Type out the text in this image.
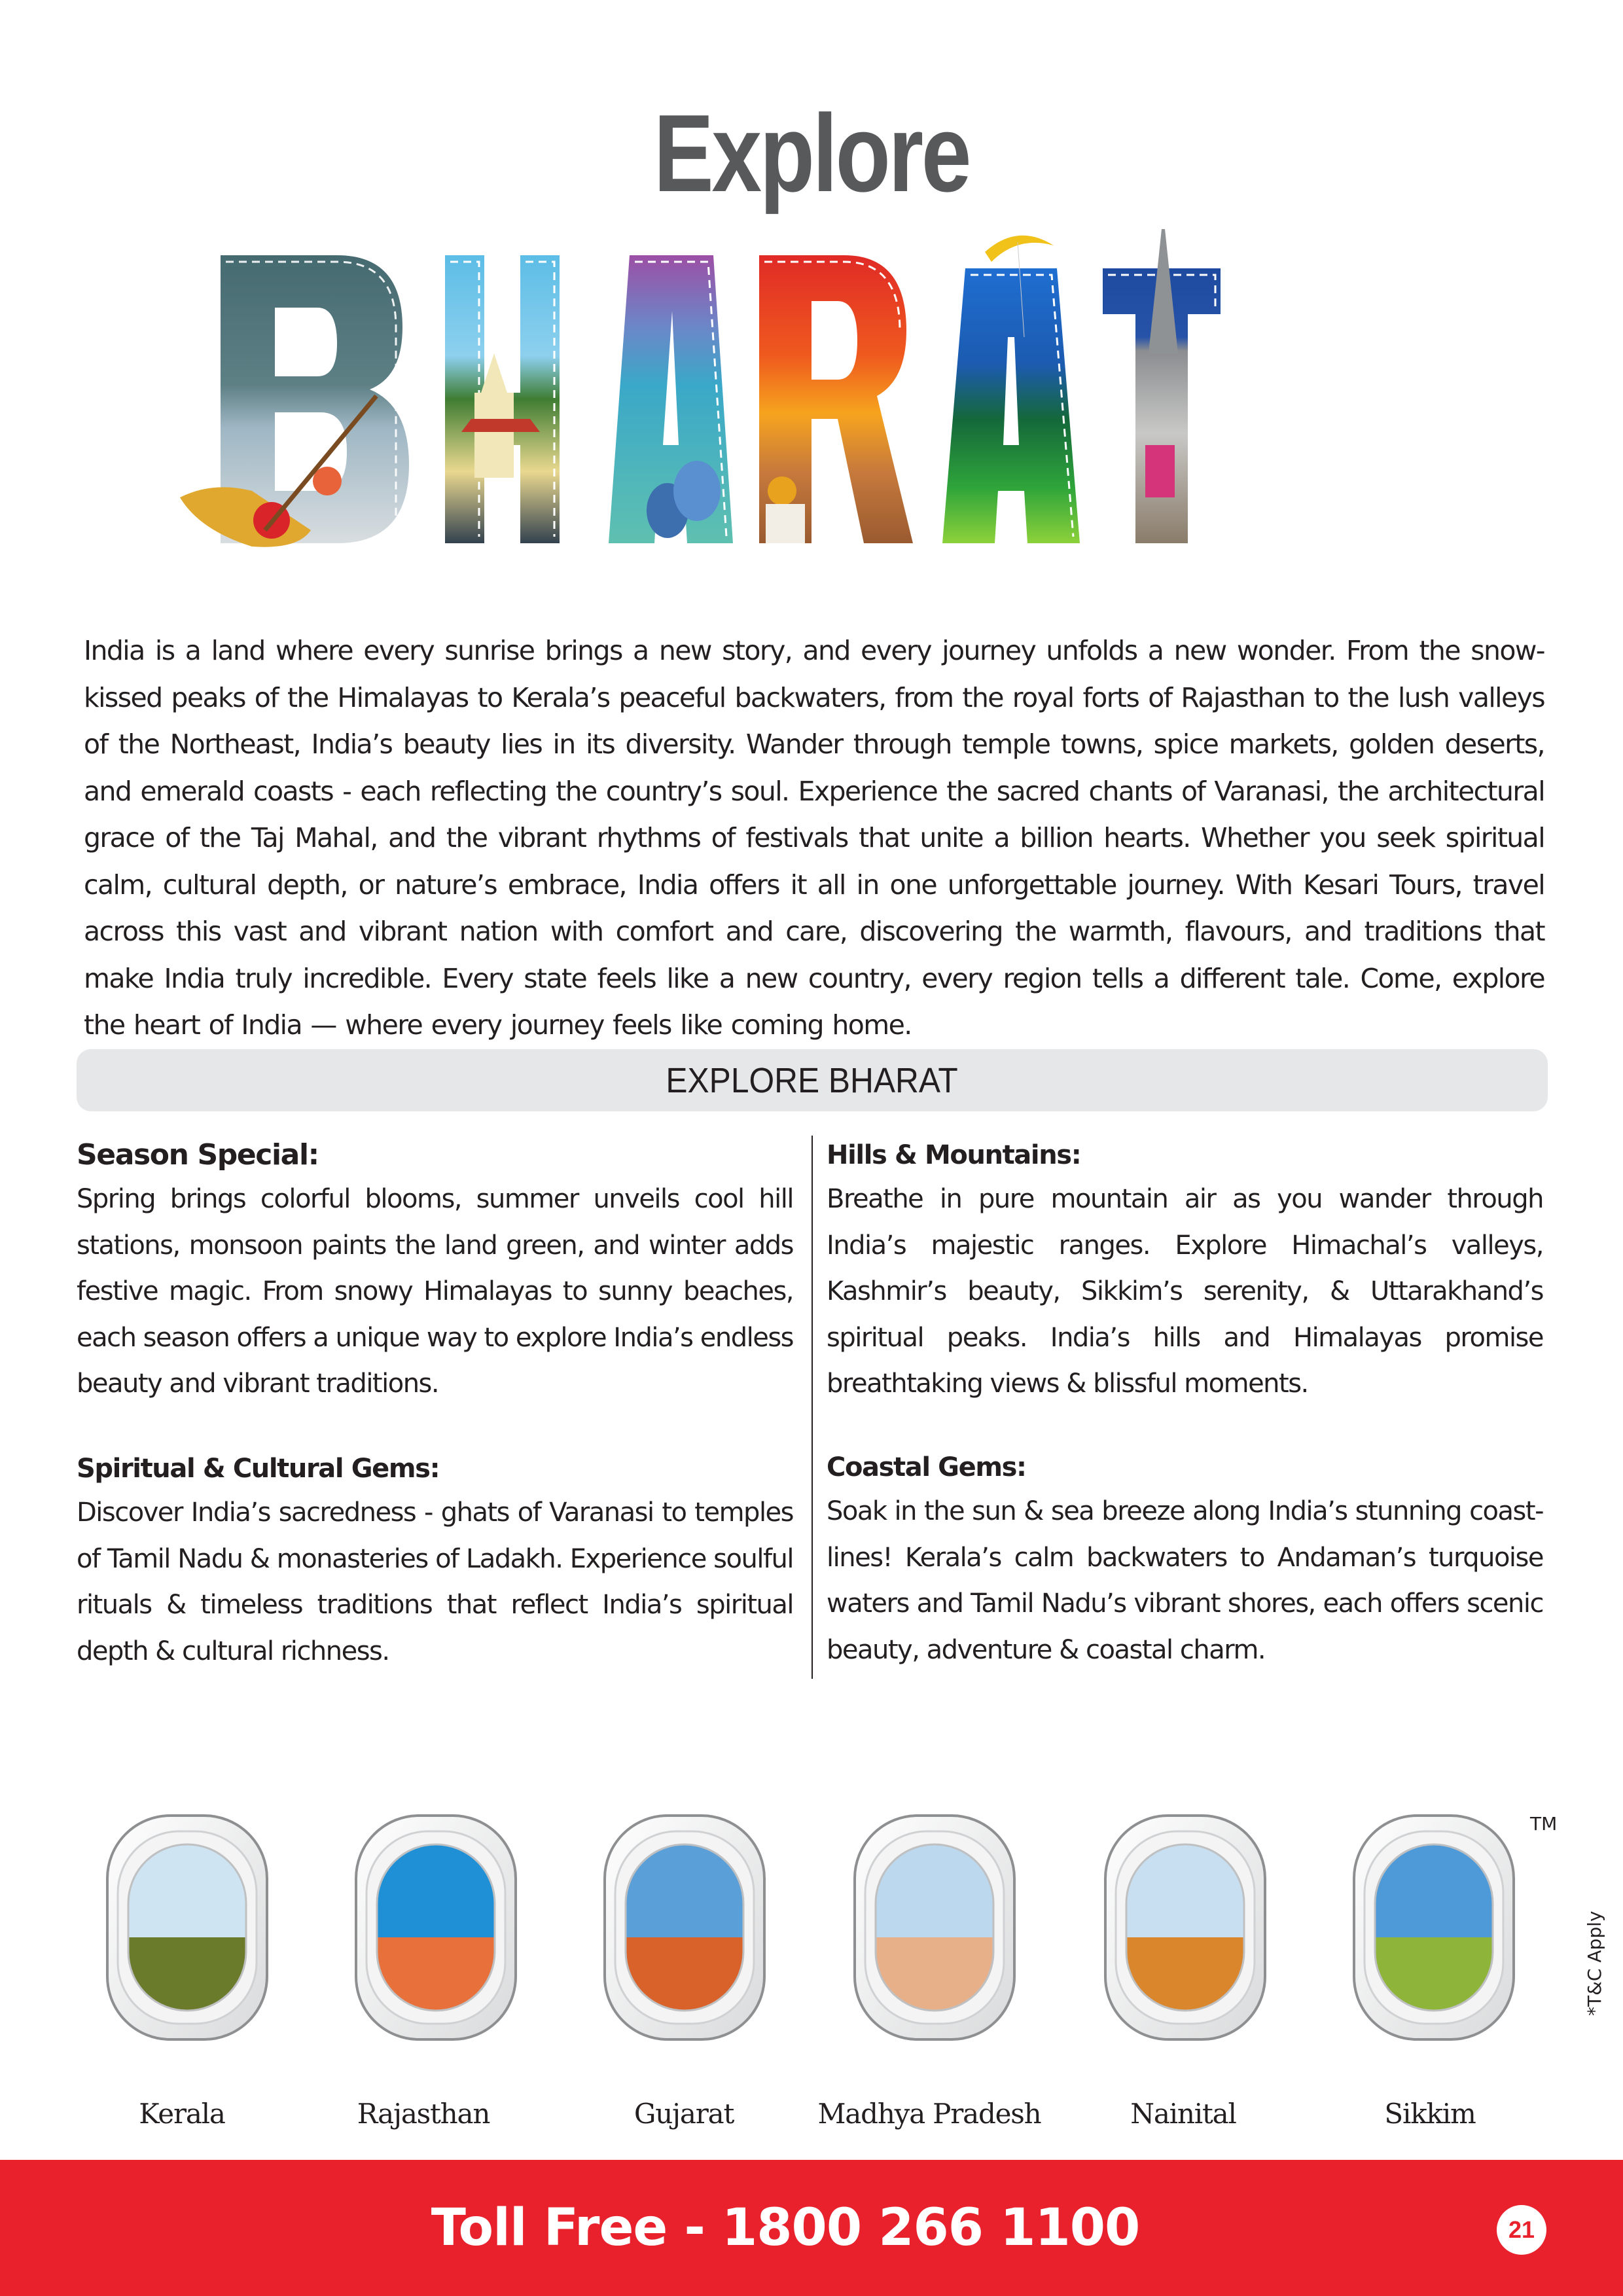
Explore

India is a land where every sunrise brings a new story, and every journey unfolds a new wonder. From the snow-kissed peaks of the Himalayas to Kerala’s peaceful backwaters, from the royal forts of Rajasthan to the lush valleys of the Northeast, India’s beauty lies in its diversity. Wander through temple towns, spice markets, golden deserts, and emerald coasts - each reflecting the country’s soul. Experience the sacred chants of Varanasi, the architectural grace of the Taj Mahal, and the vibrant rhythms of festivals that unite a billion hearts. Whether you seek spiritual calm, cultural depth, or nature’s embrace, India offers it all in one unforgettable journey. With Kesari Tours, travel across this vast and vibrant nation with comfort and care, discovering the warmth, flavours, and traditions that make India truly incredible. Every state feels like a new country, every region tells a different tale. Come, explore the heart of India — where every journey feels like coming home.

EXPLORE BHARAT
Season Special:

Spring brings colorful blooms, summer unveils cool hill stations, monsoon paints the land green, and winter adds festive magic. From snowy Himalayas to sunny beaches, each season offers a unique way to explore India’s endless beauty and vibrant traditions.

Hills & Mountains:

Breathe in pure mountain air as you wander through India’s majestic ranges. Explore Himachal’s valleys, Kashmir’s beauty, Sikkim’s serenity, & Uttarakhand’s spiritual peaks. India’s hills and Himalayas promise breathtaking views & blissful moments.

Spiritual & Cultural Gems:

Discover India’s sacredness - ghats of Varanasi to temples of Tamil Nadu & monasteries of Ladakh. Experience soulful rituals & timeless traditions that reflect India’s spiritual depth & cultural richness.

Coastal Gems:

Soak in the sun & sea breeze along India’s stunning coast-lines! Kerala’s calm backwaters to Andaman’s turquoise waters and Tamil Nadu’s vibrant shores, each offers scenic beauty, adventure & coastal charm.

Kerala	Rajasthan	Gujarat	Madhya Pradesh	Nainital	Sikkim
TM
*T&C Apply
Toll Free - 1800 266 1100	21
